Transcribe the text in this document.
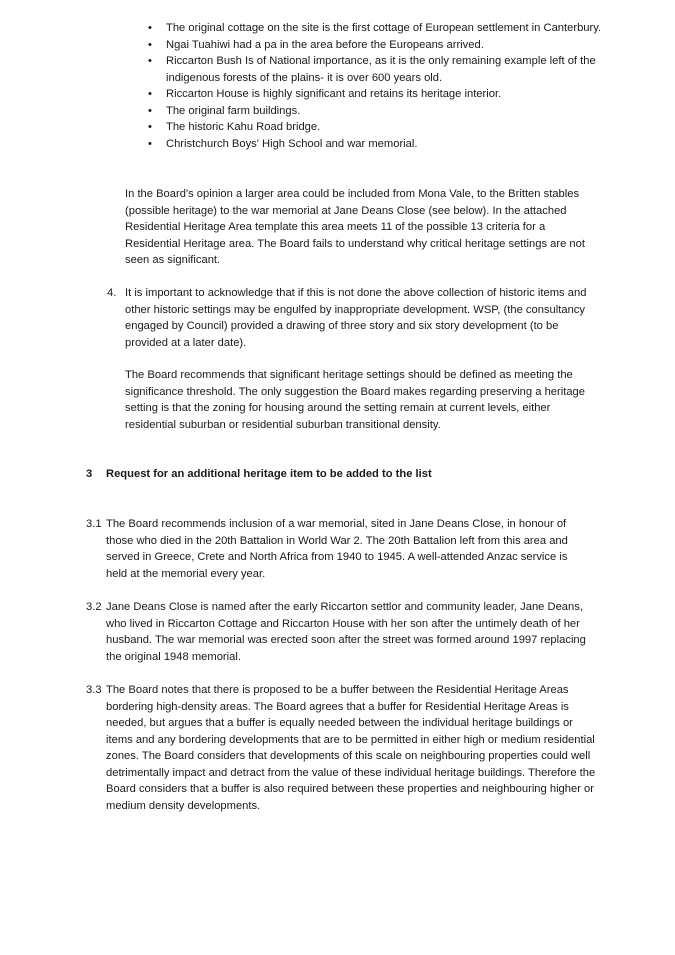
• The original cottage on the site is the first cottage of European settlement in Canterbury.
• Ngai Tuahiwi had a pa in the area before the Europeans arrived.
• Riccarton Bush Is of National importance, as it is the only remaining example left of the indigenous forests of the plains- it is over 600 years old.
• Riccarton House is highly significant and retains its heritage interior.
• The original farm buildings.
• The historic Kahu Road bridge.
• Christchurch Boys' High School and war memorial.

In the Board's opinion a larger area could be included from Mona Vale, to the Britten stables (possible heritage) to the war memorial at Jane Deans Close (see below). In the attached Residential Heritage Area template this area meets 11 of the possible 13 criteria for a Residential Heritage area. The Board fails to understand why critical heritage settings are not seen as significant.

4. It is important to acknowledge that if this is not done the above collection of historic items and other historic settings may be engulfed by inappropriate development. WSP, (the consultancy engaged by Council) provided a drawing of three story and six story development (to be provided at a later date).

The Board recommends that significant heritage settings should be defined as meeting the significance threshold. The only suggestion the Board makes regarding preserving a heritage setting is that the zoning for housing around the setting remain at current levels, either residential suburban or residential suburban transitional density.

3 Request for an additional heritage item to be added to the list
3.1 The Board recommends inclusion of a war memorial, sited in Jane Deans Close, in honour of those who died in the 20th Battalion in World War 2. The 20th Battalion left from this area and served in Greece, Crete and North Africa from 1940 to 1945. A well-attended Anzac service is held at the memorial every year.

3.2 Jane Deans Close is named after the early Riccarton settlor and community leader, Jane Deans, who lived in Riccarton Cottage and Riccarton House with her son after the untimely death of her husband. The war memorial was erected soon after the street was formed around 1997 replacing the original 1948 memorial.

3.3 The Board notes that there is proposed to be a buffer between the Residential Heritage Areas bordering high-density areas. The Board agrees that a buffer for Residential Heritage Areas is needed, but argues that a buffer is equally needed between the individual heritage buildings or items and any bordering developments that are to be permitted in either high or medium residential zones. The Board considers that developments of this scale on neighbouring properties could well detrimentally impact and detract from the value of these individual heritage buildings. Therefore the Board considers that a buffer is also required between these properties and neighbouring higher or medium density developments.
